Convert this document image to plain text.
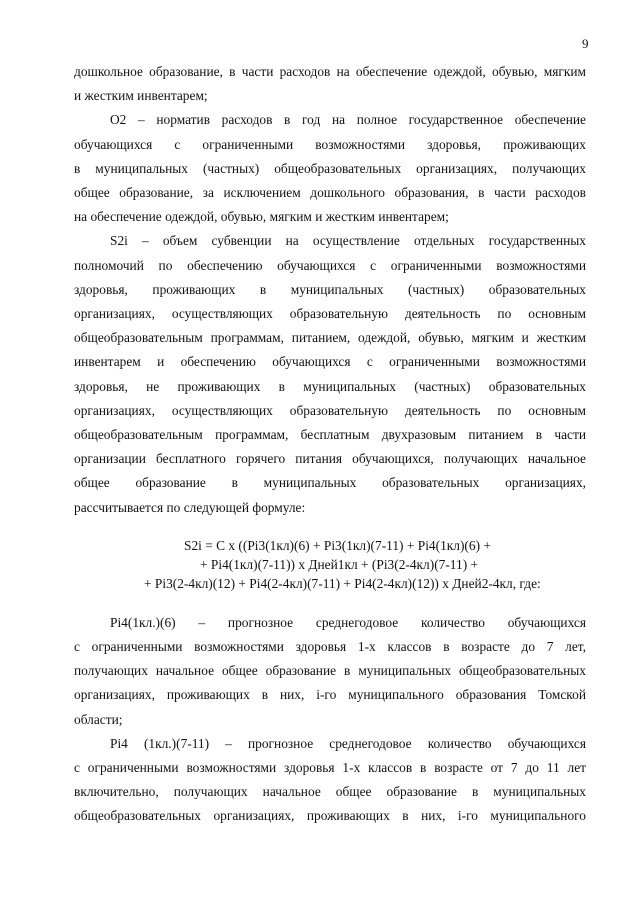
9

дошкольное образование, в части расходов на обеспечение одеждой, обувью, мягким
и жестким инвентарем;

O2 – норматив расходов в год на полное государственное обеспечение
обучающихся с ограниченными возможностями здоровья, проживающих
в муниципальных (частных) общеобразовательных организациях, получающих
общее образование, за исключением дошкольного образования, в части расходов
на обеспечение одеждой, обувью, мягким и жестким инвентарем;

S2i – объем субвенции на осуществление отдельных государственных
полномочий по обеспечению обучающихся с ограниченными возможностями
здоровья, проживающих в муниципальных (частных) образовательных
организациях, осуществляющих образовательную деятельность по основным
общеобразовательным программам, питанием, одеждой, обувью, мягким и жестким
инвентарем и обеспечению обучающихся с ограниченными возможностями
здоровья, не проживающих в муниципальных (частных) образовательных
организациях, осуществляющих образовательную деятельность по основным
общеобразовательным программам, бесплатным двухразовым питанием в части
организации бесплатного горячего питания обучающихся, получающих начальное
общее образование в муниципальных образовательных организациях,
рассчитывается по следующей формуле:

S2i = C x ((Pi3(1кл)(6) + Pi3(1кл)(7-11) + Pi4(1кл)(6) +
+ Pi4(1кл)(7-11)) x Дней1кл + (Pi3(2-4кл)(7-11) +
+ Pi3(2-4кл)(12) + Pi4(2-4кл)(7-11) + Pi4(2-4кл)(12)) x Дней2-4кл, где:

Pi4(1кл.)(6) – прогнозное среднегодовое количество обучающихся
с ограниченными возможностями здоровья 1-х классов в возрасте до 7 лет,
получающих начальное общее образование в муниципальных общеобразовательных
организациях, проживающих в них, i-го муниципального образования Томской
области;

Pi4 (1кл.)(7-11) – прогнозное среднегодовое количество обучающихся
с ограниченными возможностями здоровья 1-х классов в возрасте от 7 до 11 лет
включительно, получающих начальное общее образование в муниципальных
общеобразовательных организациях, проживающих в них, i-го муниципального
